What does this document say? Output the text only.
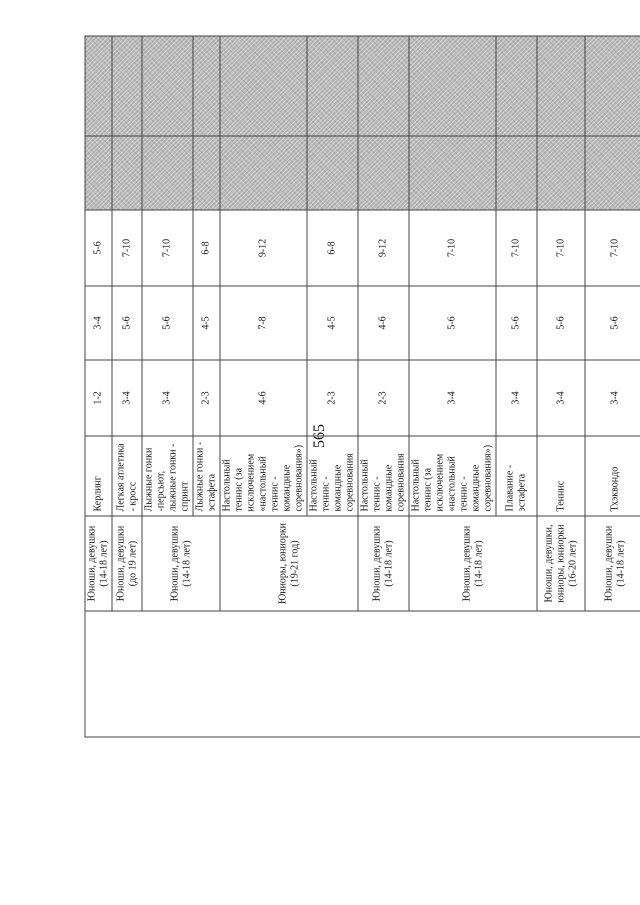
565
	Юноши, девушки (14-18 лет)	Керлинг	1-2	3-4	5-6		
	Юноши, девушки (до 19 лет)	Легкая атлетика - кросс	3-4	5-6	7-10		
	Юноши, девушки (14-18 лет)	Лыжные гонки -персьют, лыжные гонки - спринт	3-4	5-6	7-10		
		Лыжные гонки - эстафета	2-3	4-5	6-8		
	Юниоры, юниорки (19-21 год)	Настольный теннис (за исключением «настольный теннис - командные соревнования»)	4-6	7-8	9-12		
		Настольный теннис - командные соревнования	2-3	4-5	6-8		
	Юноши, девушки (14-18 лет)	Настольный теннис - командные соревнования	2-3	4-6	9-12		
	Юноши, девушки (14-18 лет)	Настольный теннис (за исключением «настольный теннис - командные соревнования»)	3-4	5-6	7-10		
		Плавание - эстафета	3-4	5-6	7-10		
	Юноши, девушки, юниоры, юниорки (16-20 лет)	Теннис	3-4	5-6	7-10		
	Юноши, девушки (14-18 лет)	Тхэквондо	3-4	5-6	7-10		
